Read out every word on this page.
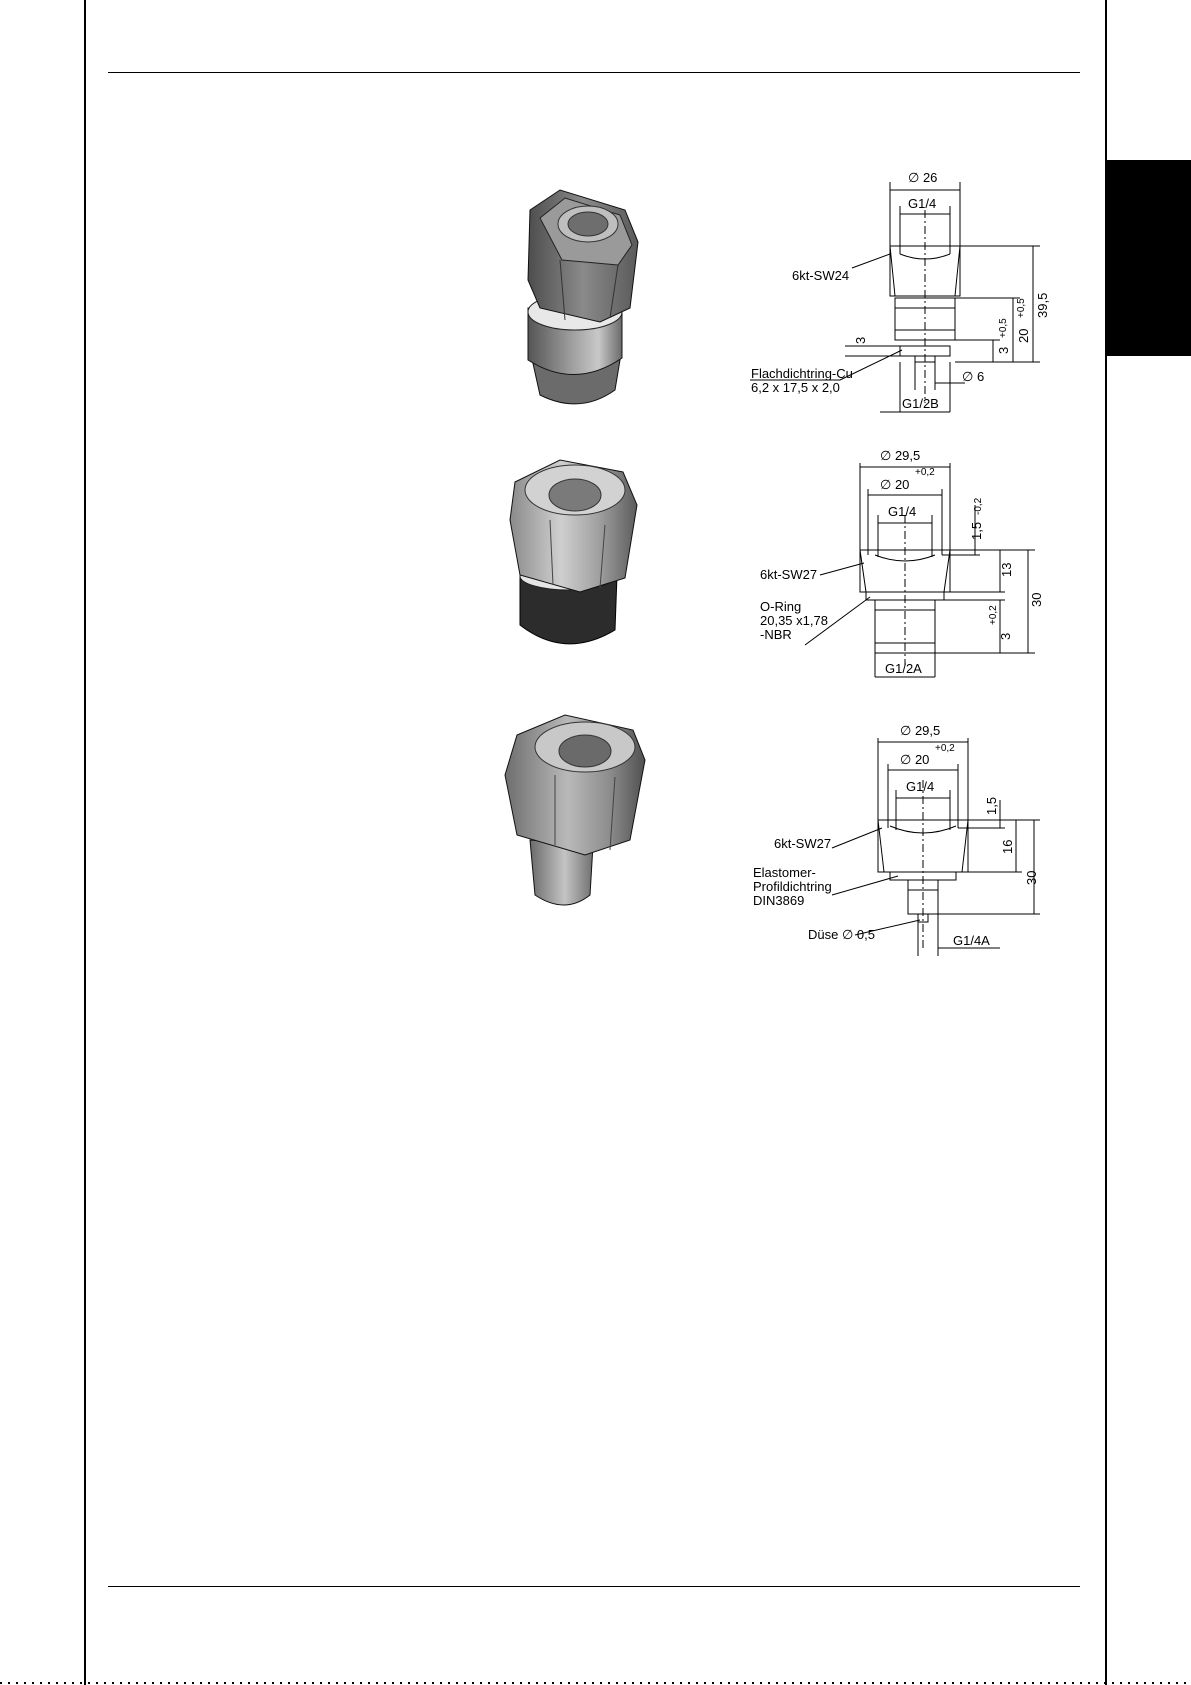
∅ 26
G1/4
6kt-SW24
39,5
20
+0,5
3
+0,5
3
Flachdichtring-Cu
6,2 x 17,5 x 2,0
∅ 6
G1/2B
∅ 29,5
∅ 20
+0,2
G1/4
1,5
-0,2
6kt-SW27	13
30
3
+0,2
O-Ring
20,35 x1,78
-NBR
G1/2A
∅ 29,5
∅ 20
+0,2
G1/4
1,5
6kt-SW27	16
30
Elastomer-
Profildichtring
DIN3869
Düse ∅ 0,5	G1/4A
